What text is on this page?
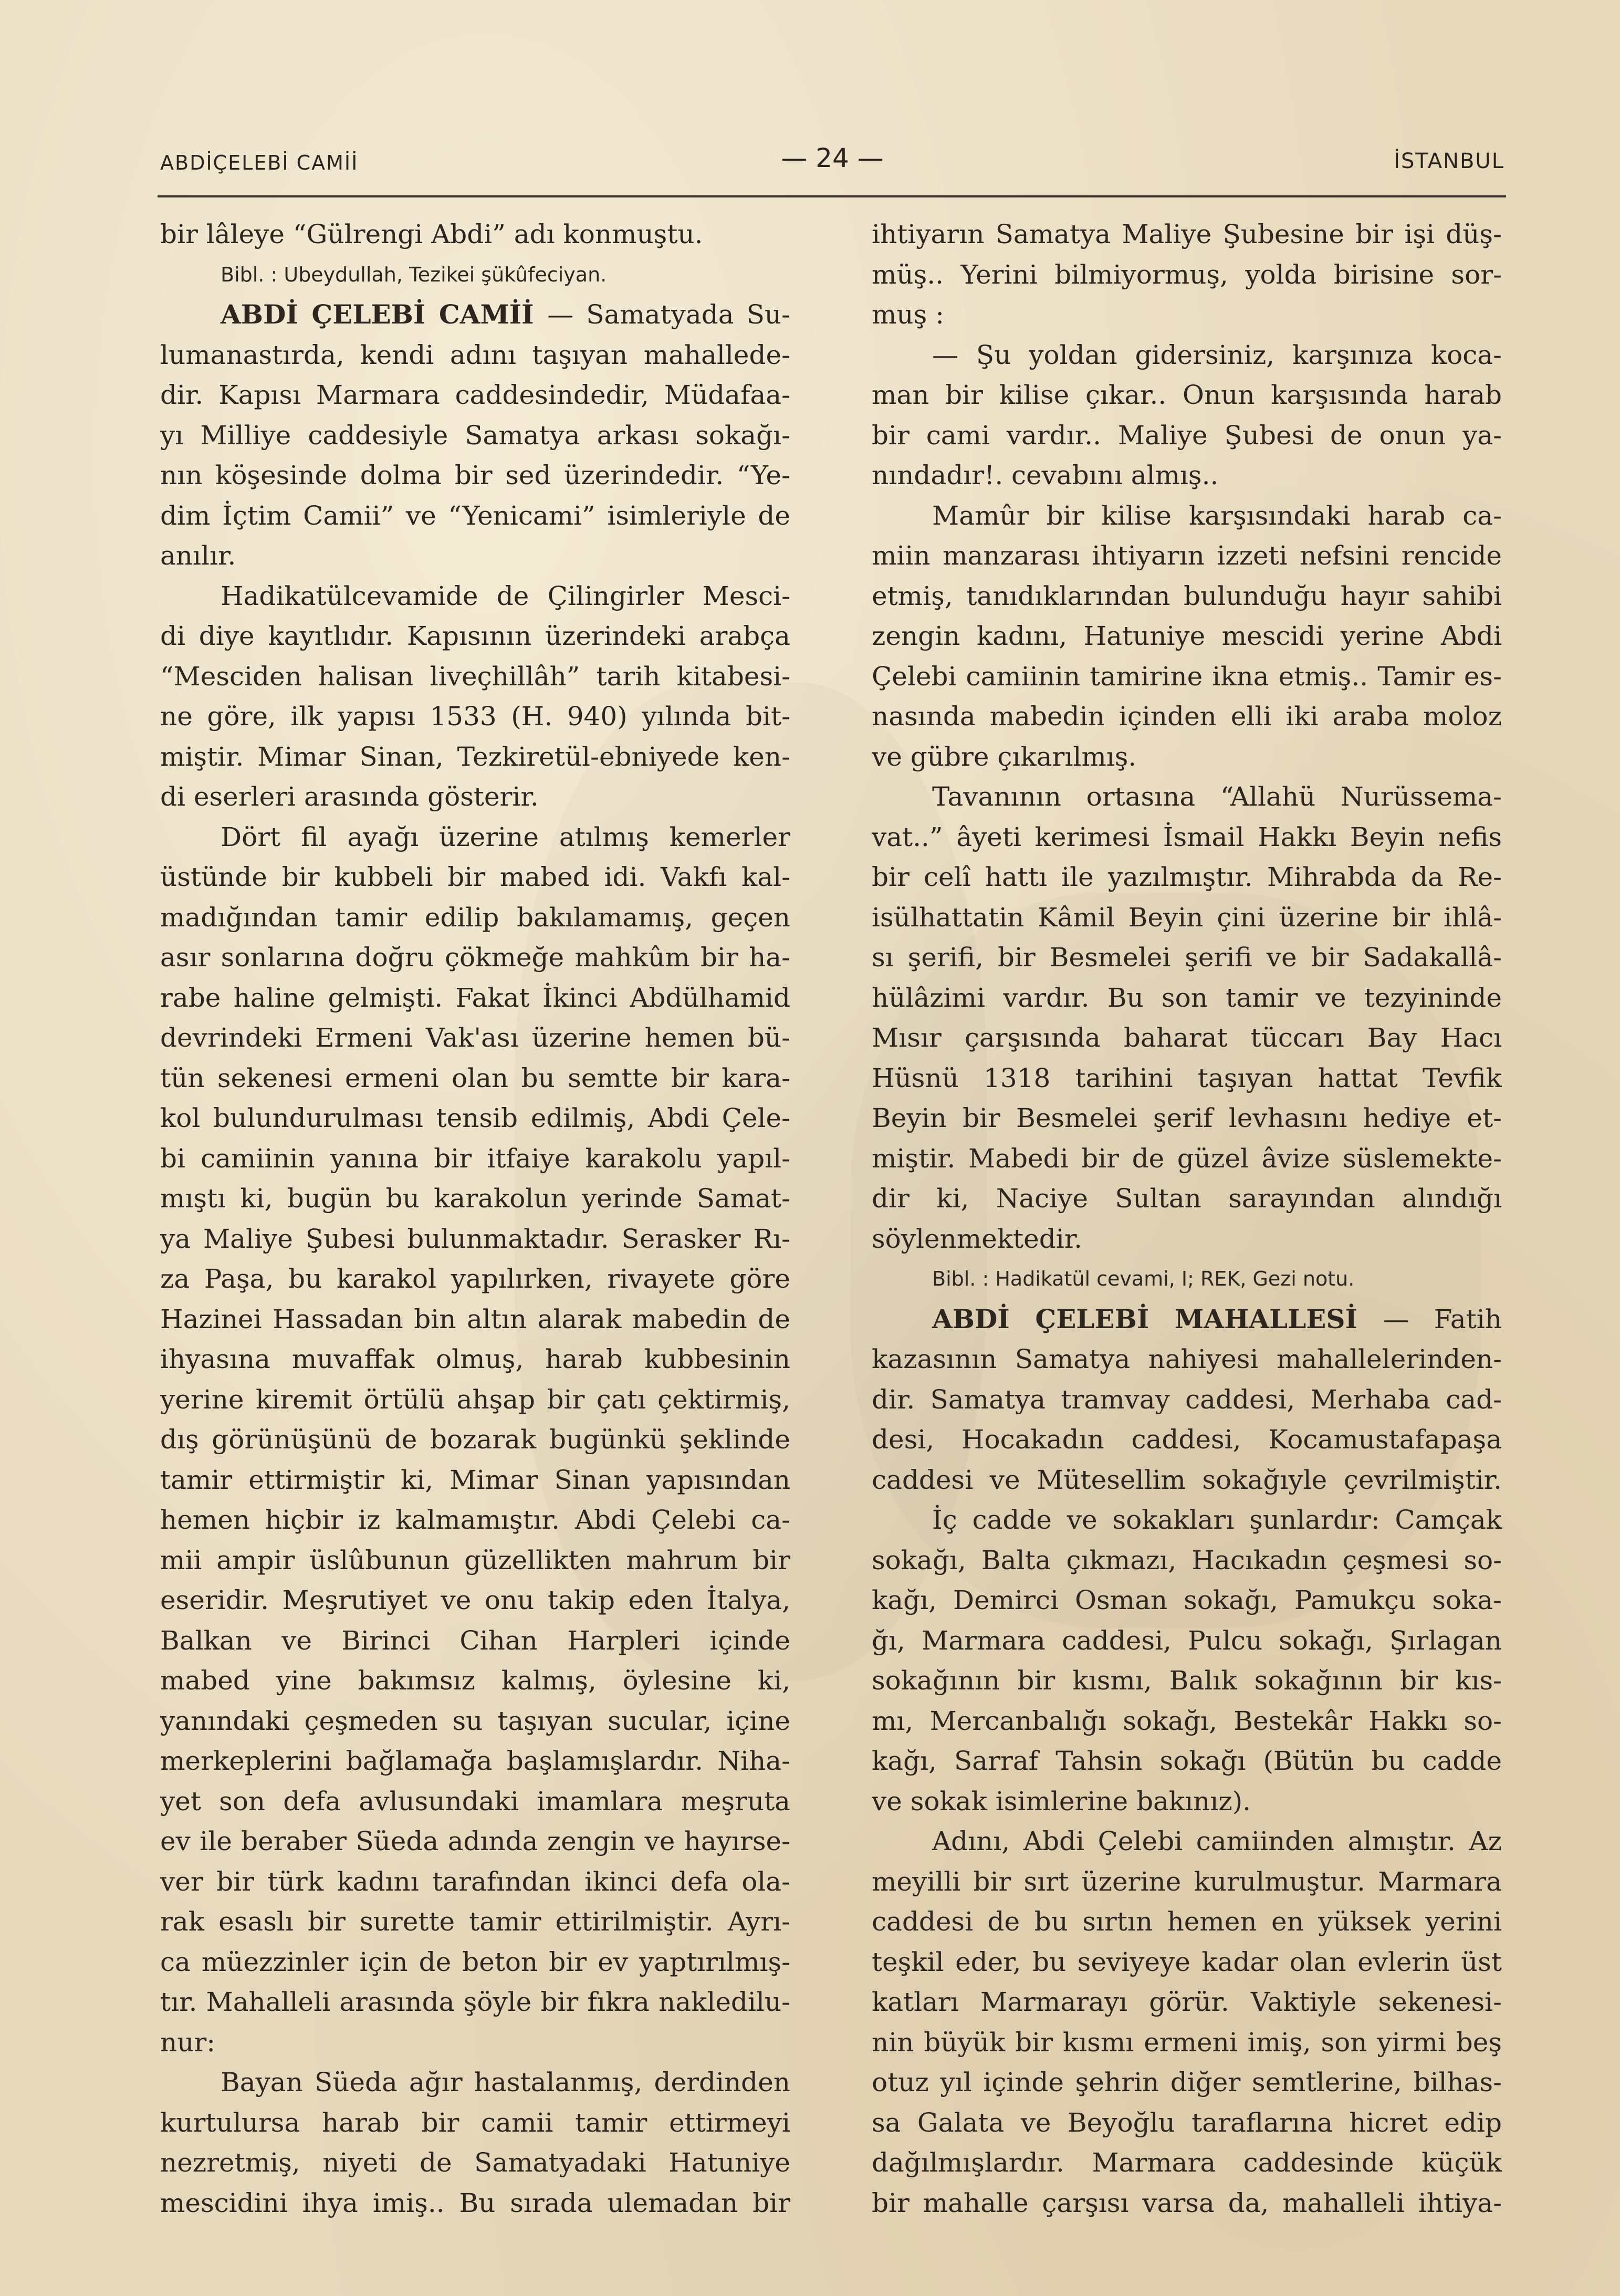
ABDİÇELEBİ CAMİİ	— 24 —	İSTANBUL
bir lâleye “Gülrengi Abdi” adı konmuştu.
Bibl. : Ubeydullah, Tezikei şükûfeciyan.
ABDİ ÇELEBİ CAMİİ — Samatyada Su-
lumanastırda, kendi adını taşıyan mahallede-
dir. Kapısı Marmara caddesindedir, Müdafaa-
yı Milliye caddesiyle Samatya arkası sokağı-
nın köşesinde dolma bir sed üzerindedir. “Ye-
dim İçtim Camii” ve “Yenicami” isimleriyle de
anılır.
Hadikatülcevamide de Çilingirler Mesci-
di diye kayıtlıdır. Kapısının üzerindeki arabça
“Mesciden halisan liveçhillâh” tarih kitabesi-
ne göre, ilk yapısı 1533 (H. 940) yılında bit-
miştir. Mimar Sinan, Tezkiretül-ebniyede ken-
di eserleri arasında gösterir.
Dört fil ayağı üzerine atılmış kemerler
üstünde bir kubbeli bir mabed idi. Vakfı kal-
madığından tamir edilip bakılamamış, geçen
asır sonlarına doğru çökmeğe mahkûm bir ha-
rabe haline gelmişti. Fakat İkinci Abdülhamid
devrindeki Ermeni Vak'ası üzerine hemen bü-
tün sekenesi ermeni olan bu semtte bir kara-
kol bulundurulması tensib edilmiş, Abdi Çele-
bi camiinin yanına bir itfaiye karakolu yapıl-
mıştı ki, bugün bu karakolun yerinde Samat-
ya Maliye Şubesi bulunmaktadır. Serasker Rı-
za Paşa, bu karakol yapılırken, rivayete göre
Hazinei Hassadan bin altın alarak mabedin de
ihyasına muvaffak olmuş, harab kubbesinin
yerine kiremit örtülü ahşap bir çatı çektirmiş,
dış görünüşünü de bozarak bugünkü şeklinde
tamir ettirmiştir ki, Mimar Sinan yapısından
hemen hiçbir iz kalmamıştır. Abdi Çelebi ca-
mii ampir üslûbunun güzellikten mahrum bir
eseridir. Meşrutiyet ve onu takip eden İtalya,
Balkan ve Birinci Cihan Harpleri içinde
mabed yine bakımsız kalmış, öylesine ki,
yanındaki çeşmeden su taşıyan sucular, içine
merkeplerini bağlamağa başlamışlardır. Niha-
yet son defa avlusundaki imamlara meşruta
ev ile beraber Süeda adında zengin ve hayırse-
ver bir türk kadını tarafından ikinci defa ola-
rak esaslı bir surette tamir ettirilmiştir. Ayrı-
ca müezzinler için de beton bir ev yaptırılmış-
tır. Mahalleli arasında şöyle bir fıkra nakledilu-
nur:
Bayan Süeda ağır hastalanmış, derdinden
kurtulursa harab bir camii tamir ettirmeyi
nezretmiş, niyeti de Samatyadaki Hatuniye
mescidini ihya imiş.. Bu sırada ulemadan bir
ihtiyarın Samatya Maliye Şubesine bir işi düş-
müş.. Yerini bilmiyormuş, yolda birisine sor-
muş :
— Şu yoldan gidersiniz, karşınıza koca-
man bir kilise çıkar.. Onun karşısında harab
bir cami vardır.. Maliye Şubesi de onun ya-
nındadır!. cevabını almış..
Mamûr bir kilise karşısındaki harab ca-
miin manzarası ihtiyarın izzeti nefsini rencide
etmiş, tanıdıklarından bulunduğu hayır sahibi
zengin kadını, Hatuniye mescidi yerine Abdi
Çelebi camiinin tamirine ikna etmiş.. Tamir es-
nasında mabedin içinden elli iki araba moloz
ve gübre çıkarılmış.
Tavanının ortasına “Allahü Nurüssema-
vat..” âyeti kerimesi İsmail Hakkı Beyin nefis
bir celî hattı ile yazılmıştır. Mihrabda da Re-
isülhattatin Kâmil Beyin çini üzerine bir ihlâ-
sı şerifi, bir Besmelei şerifi ve bir Sadakallâ-
hülâzimi vardır. Bu son tamir ve tezyininde
Mısır çarşısında baharat tüccarı Bay Hacı
Hüsnü 1318 tarihini taşıyan hattat Tevfik
Beyin bir Besmelei şerif levhasını hediye et-
miştir. Mabedi bir de güzel âvize süslemekte-
dir ki, Naciye Sultan sarayından alındığı
söylenmektedir.
Bibl. : Hadikatül cevami, I; REK, Gezi notu.
ABDİ ÇELEBİ MAHALLESİ — Fatih
kazasının Samatya nahiyesi mahallelerinden-
dir. Samatya tramvay caddesi, Merhaba cad-
desi, Hocakadın caddesi, Kocamustafapaşa
caddesi ve Mütesellim sokağıyle çevrilmiştir.
İç cadde ve sokakları şunlardır: Camçak
sokağı, Balta çıkmazı, Hacıkadın çeşmesi so-
kağı, Demirci Osman sokağı, Pamukçu soka-
ğı, Marmara caddesi, Pulcu sokağı, Şırlagan
sokağının bir kısmı, Balık sokağının bir kıs-
mı, Mercanbalığı sokağı, Bestekâr Hakkı so-
kağı, Sarraf Tahsin sokağı (Bütün bu cadde
ve sokak isimlerine bakınız).
Adını, Abdi Çelebi camiinden almıştır. Az
meyilli bir sırt üzerine kurulmuştur. Marmara
caddesi de bu sırtın hemen en yüksek yerini
teşkil eder, bu seviyeye kadar olan evlerin üst
katları Marmarayı görür. Vaktiyle sekenesi-
nin büyük bir kısmı ermeni imiş, son yirmi beş
otuz yıl içinde şehrin diğer semtlerine, bilhas-
sa Galata ve Beyoğlu taraflarına hicret edip
dağılmışlardır. Marmara caddesinde küçük
bir mahalle çarşısı varsa da, mahalleli ihtiya-
